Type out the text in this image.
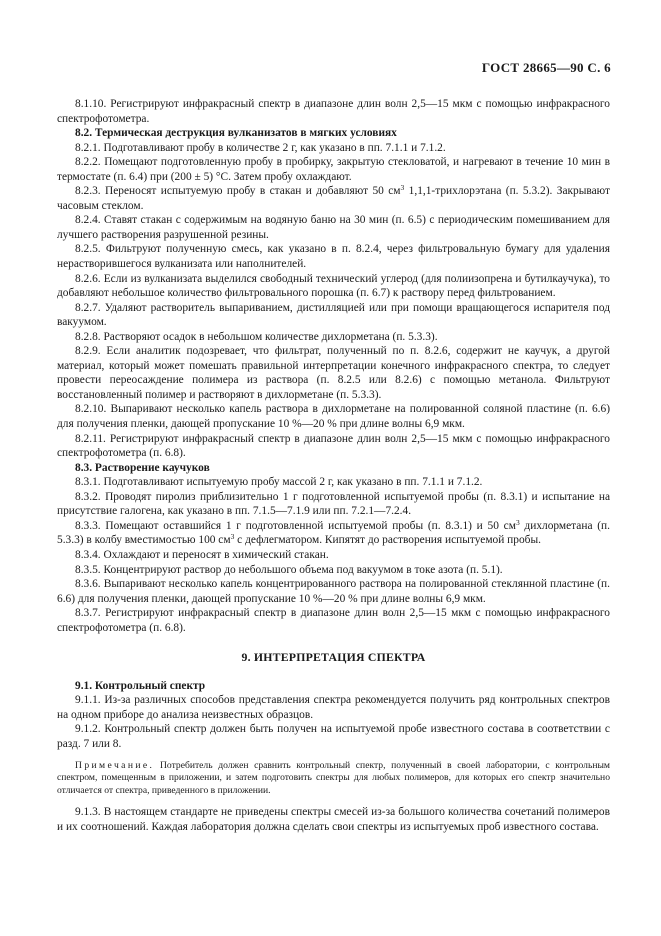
ГОСТ 28665—90 С. 6

8.1.10. Регистрируют инфракрасный спектр в диапазоне длин волн 2,5—15 мкм с помощью инфракрасного спектрофотометра.

8.2. Термическая деструкция вулканизатов в мягких условиях

8.2.1. Подготавливают пробу в количестве 2 г, как указано в пп. 7.1.1 и 7.1.2.

8.2.2. Помещают подготовленную пробу в пробирку, закрытую стекловатой, и нагревают в течение 10 мин в термостате (п. 6.4) при (200 ± 5) °С. Затем пробу охлаждают.

8.2.3. Переносят испытуемую пробу в стакан и добавляют 50 $см^3$ 1,1,1-трихлорэтана (п. 5.3.2). Закрывают часовым стеклом.

8.2.4. Ставят стакан с содержимым на водяную баню на 30 мин (п. 6.5) с периодическим помешиванием для лучшего растворения разрушенной резины.

8.2.5. Фильтруют полученную смесь, как указано в п. 8.2.4, через фильтровальную бумагу для удаления нерастворившегося вулканизата или наполнителей.

8.2.6. Если из вулканизата выделился свободный технический углерод (для полиизопрена и бутилкаучука), то добавляют небольшое количество фильтровального порошка (п. 6.7) к раствору перед фильтрованием.

8.2.7. Удаляют растворитель выпариванием, дистилляцией или при помощи вращающегося испарителя под вакуумом.

8.2.8. Растворяют осадок в небольшом количестве дихлорметана (п. 5.3.3).

8.2.9. Если аналитик подозревает, что фильтрат, полученный по п. 8.2.6, содержит не каучук, а другой материал, который может помешать правильной интерпретации конечного инфракрасного спектра, то следует провести переосаждение полимера из раствора (п. 8.2.5 или 8.2.6) с помощью метанола. Фильтруют восстановленный полимер и растворяют в дихлорметане (п. 5.3.3).

8.2.10. Выпаривают несколько капель раствора в дихлорметане на полированной соляной пластине (п. 6.6) для получения пленки, дающей пропускание 10 %—20 % при длине волны 6,9 мкм.

8.2.11. Регистрируют инфракрасный спектр в диапазоне длин волн 2,5—15 мкм с помощью инфракрасного спектрофотометра (п. 6.8).

8.3. Растворение каучуков

8.3.1. Подготавливают испытуемую пробу массой 2 г, как указано в пп. 7.1.1 и 7.1.2.

8.3.2. Проводят пиролиз приблизительно 1 г подготовленной испытуемой пробы (п. 8.3.1) и испытание на присутствие галогена, как указано в пп. 7.1.5—7.1.9 или пп. 7.2.1—7.2.4.

8.3.3. Помещают оставшийся 1 г подготовленной испытуемой пробы (п. 8.3.1) и 50 $см^3$ дихлорметана (п. 5.3.3) в колбу вместимостью 100 $см^3$ с дефлегматором. Кипятят до растворения испытуемой пробы.

8.3.4. Охлаждают и переносят в химический стакан.

8.3.5. Концентрируют раствор до небольшого объема под вакуумом в токе азота (п. 5.1).

8.3.6. Выпаривают несколько капель концентрированного раствора на полированной стеклянной пластине (п. 6.6) для получения пленки, дающей пропускание 10 %—20 % при длине волны 6,9 мкм.

8.3.7. Регистрируют инфракрасный спектр в диапазоне длин волн 2,5—15 мкм с помощью инфракрасного спектрофотометра (п. 6.8).

9. ИНТЕРПРЕТАЦИЯ СПЕКТРА

9.1. Контрольный спектр

9.1.1. Из-за различных способов представления спектра рекомендуется получить ряд контрольных спектров на одном приборе до анализа неизвестных образцов.

9.1.2. Контрольный спектр должен быть получен на испытуемой пробе известного состава в соответствии с разд. 7 или 8.

Примечание. Потребитель должен сравнить контрольный спектр, полученный в своей лаборатории, с контрольным спектром, помещенным в приложении, и затем подготовить спектры для любых полимеров, для которых его спектр значительно отличается от спектра, приведенного в приложении.

9.1.3. В настоящем стандарте не приведены спектры смесей из-за большого количества сочетаний полимеров и их соотношений. Каждая лаборатория должна сделать свои спектры из испытуемых проб известного состава.
